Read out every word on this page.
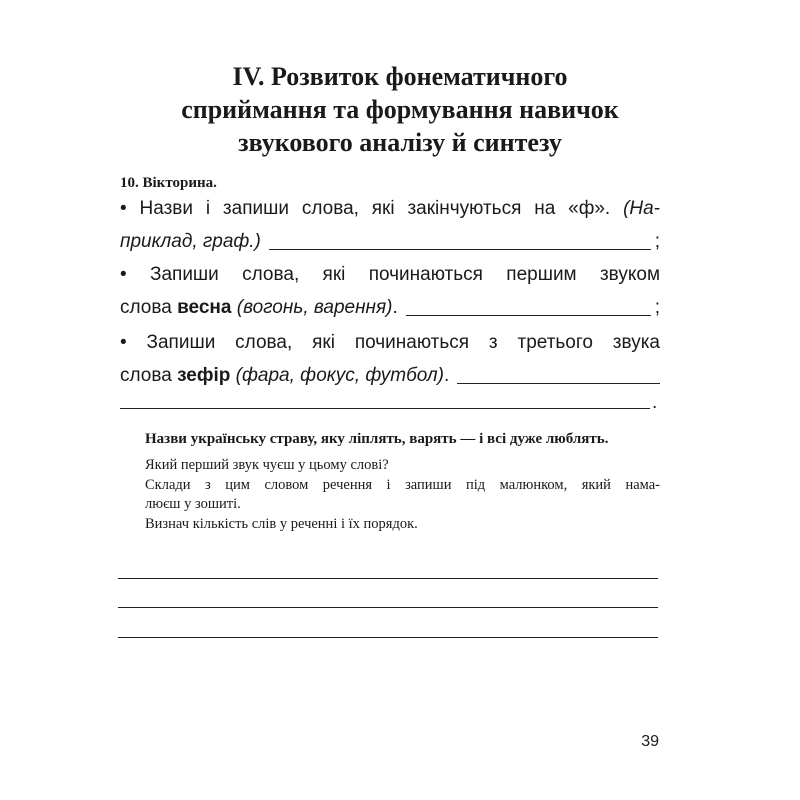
IV. Розвиток фонематичного
сприймання та формування навичок
звукового аналізу й синтезу
10. Вікторина.
• Назви і запиши слова, які закінчуються на «ф». (На-
приклад, граф.)	;
• Запиши слова, які починаються першим звуком
слова
весна
(вогонь, варення) .	;
• Запиши слова, які починаються з третього звука
слова
зефір
(фара, фокус, футбол) .
.

Назви українську страву, яку ліплять, варять — і всі дуже люблять.

Який перший звук чуєш у цьому слові?

Склади з цим словом речення і запиши під малюнком, який нама-

люєш у зошиті.

Визнач кількість слів у реченні і їх порядок.

39
